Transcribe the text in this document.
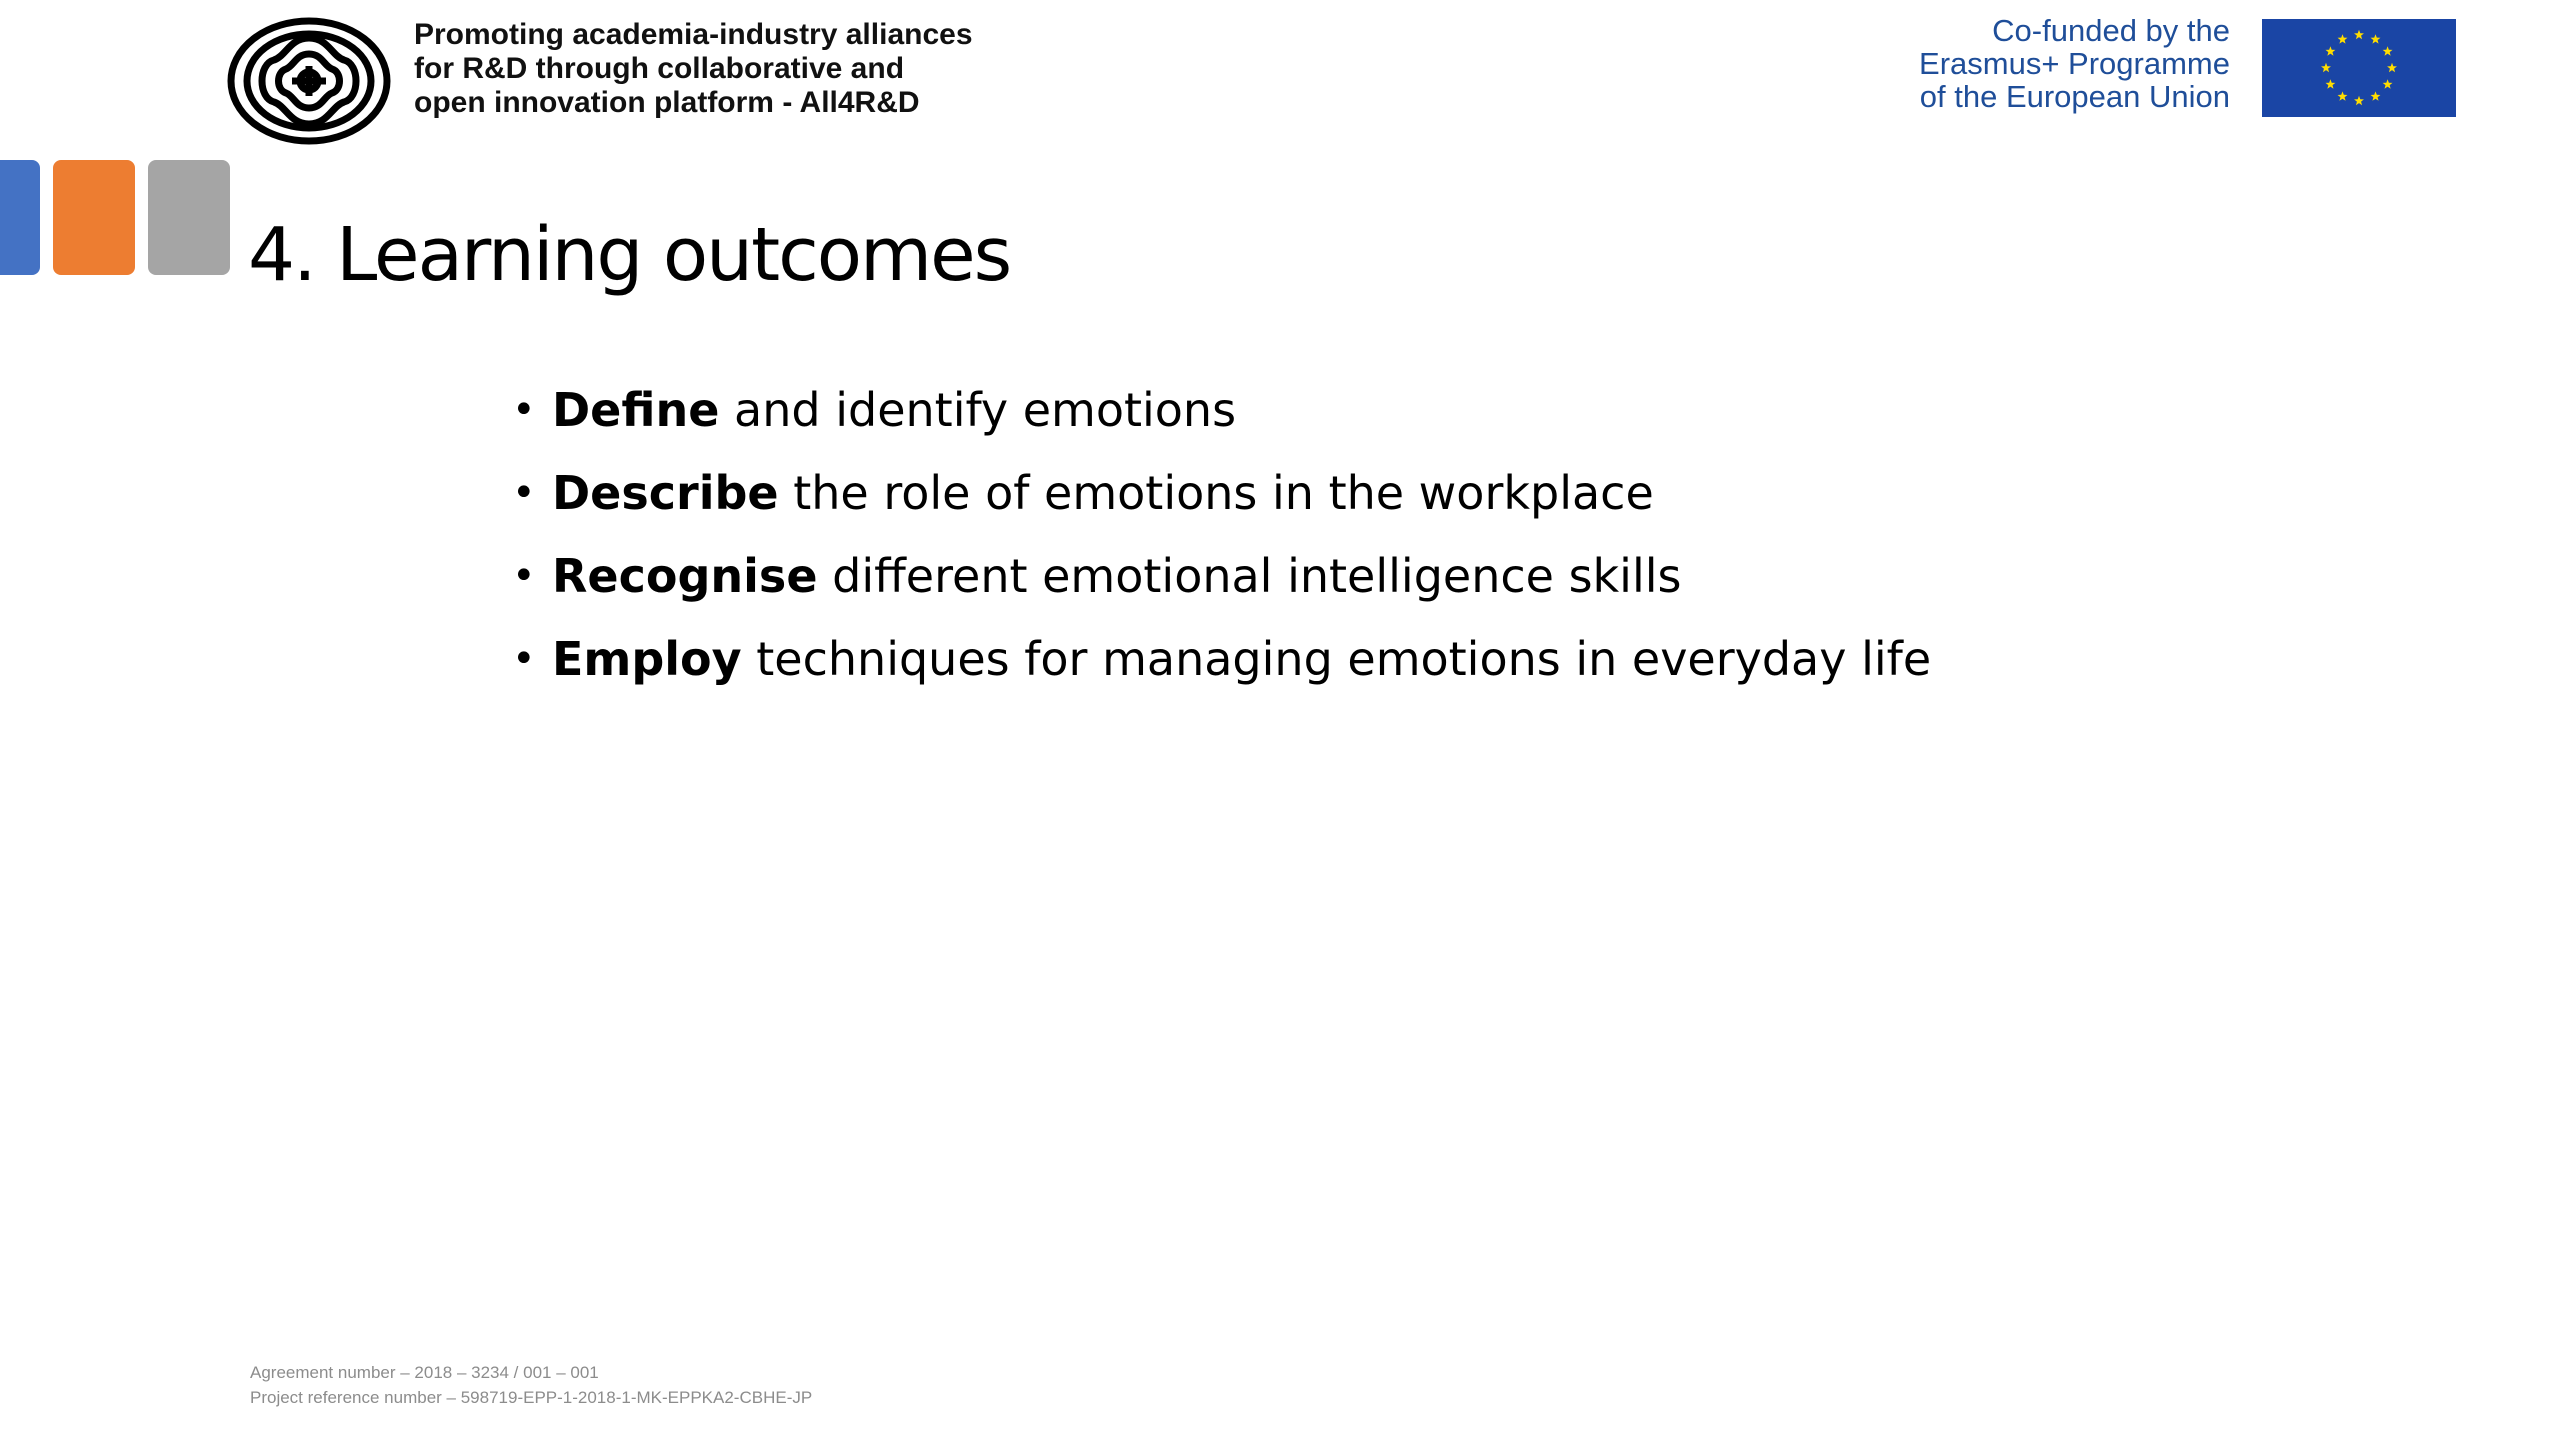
Promoting academia-industry alliances
for R&D through collaborative and
open innovation platform - All4R&D
Co-funded by the
Erasmus+ Programme
of the European Union
4. Learning outcomes
• Define and identify emotions
• Describe the role of emotions in the workplace
• Recognise different emotional intelligence skills
• Employ techniques for managing emotions in everyday life
Agreement number – 2018 – 3234 / 001 – 001
Project reference number – 598719-EPP-1-2018-1-MK-EPPKA2-CBHE-JP
